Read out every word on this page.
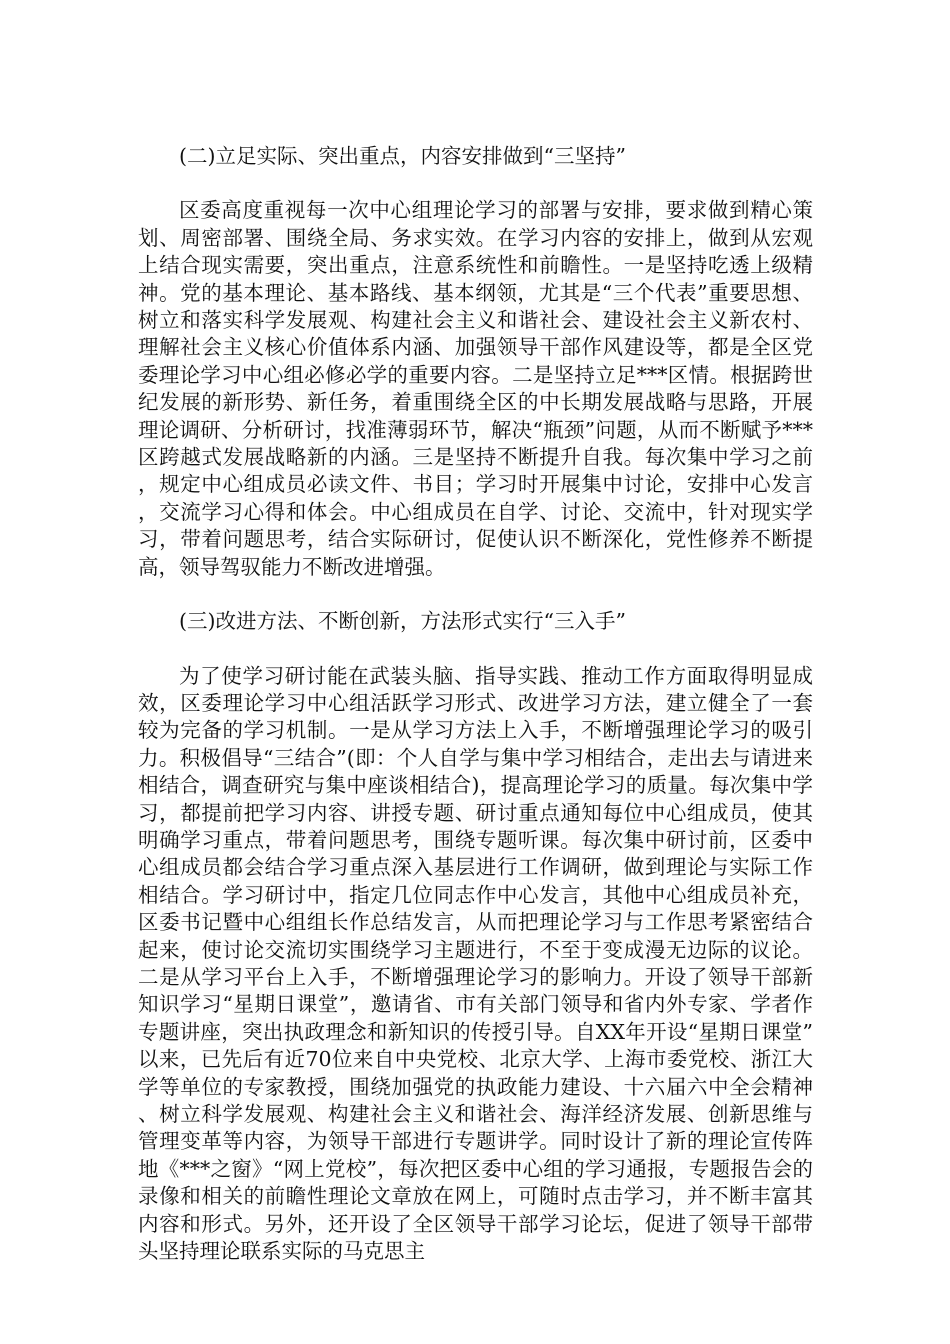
(二)立足实际、突出重点，内容安排做到“三坚持”

区委高度重视每一次中心组理论学习的部署与安排，要求做到精心策划、周密部署、围绕全局、务求实效。在学习内容的安排上，做到从宏观上结合现实需要，突出重点，注意系统性和前瞻性。一是坚持吃透上级精神。党的基本理论、基本路线、基本纲领，尤其是“三个代表”重要思想、树立和落实科学发展观、构建社会主义和谐社会、建设社会主义新农村、理解社会主义核心价值体系内涵、加强领导干部作风建设等，都是全区党委理论学习中心组必修必学的重要内容。二是坚持立足***区情。根据跨世纪发展的新形势、新任务，着重围绕全区的中长期发展战略与思路，开展理论调研、分析研讨，找准薄弱环节，解决“瓶颈”问题，从而不断赋予***区跨越式发展战略新的内涵。三是坚持不断提升自我。每次集中学习之前，规定中心组成员必读文件、书目；学习时开展集中讨论，安排中心发言，交流学习心得和体会。中心组成员在自学、讨论、交流中，针对现实学习，带着问题思考，结合实际研讨，促使认识不断深化，党性修养不断提高，领导驾驭能力不断改进增强。

(三)改进方法、不断创新，方法形式实行“三入手”

为了使学习研讨能在武装头脑、指导实践、推动工作方面取得明显成效，区委理论学习中心组活跃学习形式、改进学习方法，建立健全了一套较为完备的学习机制。一是从学习方法上入手，不断增强理论学习的吸引力。积极倡导“三结合”(即：个人自学与集中学习相结合，走出去与请进来相结合，调查研究与集中座谈相结合)，提高理论学习的质量。每次集中学习，都提前把学习内容、讲授专题、研讨重点通知每位中心组成员，使其明确学习重点，带着问题思考，围绕专题听课。每次集中研讨前，区委中心组成员都会结合学习重点深入基层进行工作调研，做到理论与实际工作相结合。学习研讨中，指定几位同志作中心发言，其他中心组成员补充，区委书记暨中心组组长作总结发言，从而把理论学习与工作思考紧密结合起来，使讨论交流切实围绕学习主题进行，不至于变成漫无边际的议论。二是从学习平台上入手，不断增强理论学习的影响力。开设了领导干部新知识学习“星期日课堂”，邀请省、市有关部门领导和省内外专家、学者作专题讲座，突出执政理念和新知识的传授引导。自XX年开设“星期日课堂”以来，已先后有近70位来自中央党校、北京大学、上海市委党校、浙江大学等单位的专家教授，围绕加强党的执政能力建设、十六届六中全会精神、树立科学发展观、构建社会主义和谐社会、海洋经济发展、创新思维与管理变革等内容，为领导干部进行专题讲学。同时设计了新的理论宣传阵地《***之窗》“网上党校”，每次把区委中心组的学习通报，专题报告会的录像和相关的前瞻性理论文章放在网上，可随时点击学习，并不断丰富其内容和形式。另外，还开设了全区领导干部学习论坛，促进了领导干部带头坚持理论联系实际的马克思主
